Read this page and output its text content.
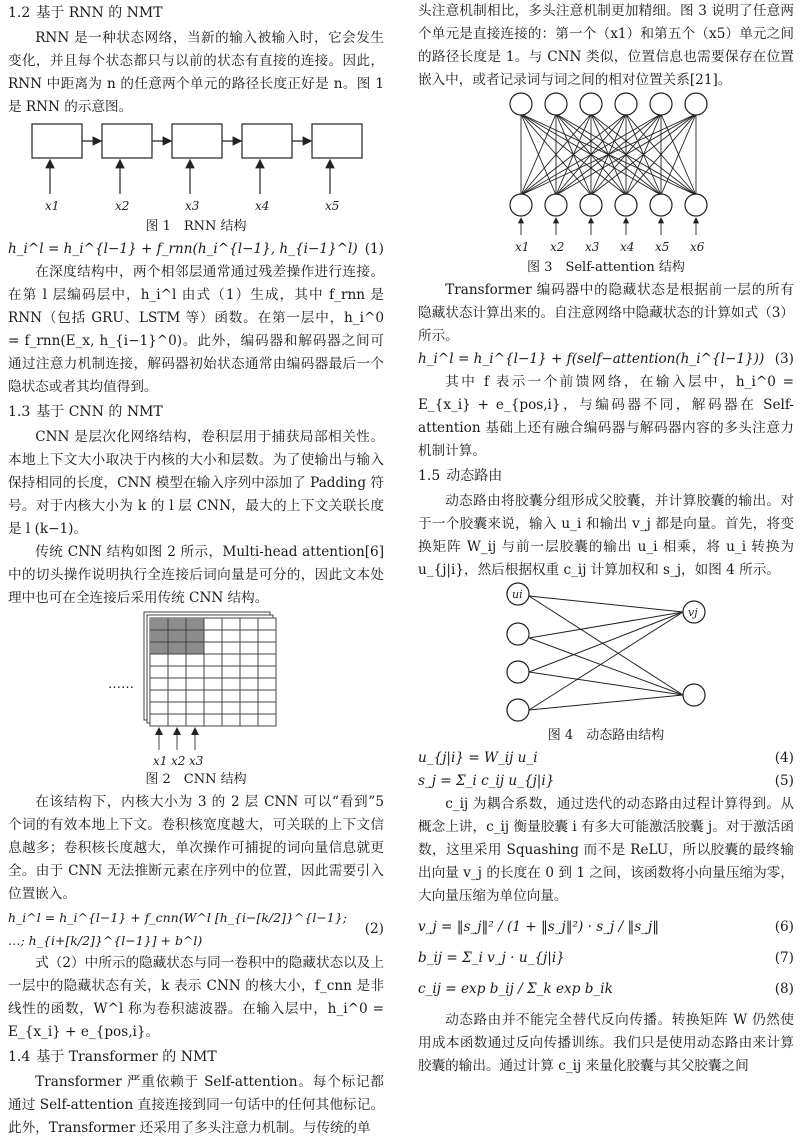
1.2 基于 RNN 的 NMT

RNN 是一种状态网络，当新的输入被输入时，它会发生变化，并且每个状态都只与以前的状态有直接的连接。因此，RNN 中距离为 n 的任意两个单元的路径长度正好是 n。图 1 是 RNN 的示意图。

x1	x2	x3	x4	x5

图 1　RNN 结构

h_i^l = h_i^{l−1} + f_rnn(h_i^{l−1}, h_{i−1}^l) (1)

在深度结构中，两个相邻层通常通过残差操作进行连接。在第 l 层编码层中，h_i^l 由式（1）生成，其中 f_rnn 是 RNN（包括 GRU、LSTM 等）函数。在第一层中，h_i^0 = f_rnn(E_x, h_{i−1}^0)。此外，编码器和解码器之间可通过注意力机制连接，解码器初始状态通常由编码器最后一个隐状态或者其均值得到。

1.3 基于 CNN 的 NMT

CNN 是层次化网络结构，卷积层用于捕获局部相关性。本地上下文大小取决于内核的大小和层数。为了使输出与输入保持相同的长度，CNN 模型在输入序列中添加了 Padding 符号。对于内核大小为 k 的 l 层 CNN，最大的上下文关联长度是 l (k−1)。

传统 CNN 结构如图 2 所示，Multi-head attention[6] 中的切头操作说明执行全连接后词向量是可分的，因此文本处理中也可在全连接后采用传统 CNN 结构。

……
x1 x2 x3

图 2　CNN 结构

在该结构下，内核大小为 3 的 2 层 CNN 可以“看到”5 个词的有效本地上下文。卷积核宽度越大，可关联的上下文信息越多；卷积核长度越大，单次操作可捕捉的词向量信息就更全。由于 CNN 无法推断元素在序列中的位置，因此需要引入位置嵌入。

h_i^l = h_i^{l−1} + f_cnn(W^l [h_{i−[k/2]}^{l−1}; …; h_{i+[k/2]}^{l−1}] + b^l)
(2)

式（2）中所示的隐藏状态与同一卷积中的隐藏状态以及上一层中的隐藏状态有关，k 表示 CNN 的核大小，f_cnn 是非线性的函数，W^l 称为卷积滤波器。在输入层中，h_i^0 = E_{x_i} + e_{pos,i}。

1.4 基于 Transformer 的 NMT

Transformer 严重依赖于 Self-attention。每个标记都通过 Self-attention 直接连接到同一句话中的任何其他标记。此外，Transformer 还采用了多头注意力机制。与传统的单

头注意机制相比，多头注意机制更加精细。图 3 说明了任意两个单元是直接连接的：第一个（x1）和第五个（x5）单元之间的路径长度是 1。与 CNN 类似，位置信息也需要保存在位置嵌入中，或者记录词与词之间的相对位置关系[21]。

x1 x2 x3 x4 x5 x6

图 3　Self-attention 结构

Transformer 编码器中的隐藏状态是根据前一层的所有隐藏状态计算出来的。自注意网络中隐藏状态的计算如式（3）所示。

h_i^l = h_i^{l−1} + f(self−attention(h_i^{l−1})) (3)

其中 f 表示一个前馈网络，在输入层中，h_i^0 = E_{x_i} + e_{pos,i}，与编码器不同，解码器在 Self-attention 基础上还有融合编码器与解码器内容的多头注意力机制计算。

1.5 动态路由

动态路由将胶囊分组形成父胶囊，并计算胶囊的输出。对于一个胶囊来说，输入 u_i 和输出 v_j 都是向量。首先，将变换矩阵 W_ij 与前一层胶囊的输出 u_i 相乘，将 u_i 转换为 u_{j|i}，然后根据权重 c_ij 计算加权和 s_j，如图 4 所示。

ui
vj

图 4　动态路由结构

u_{j|i} = W_ij u_i	(4)
s_j = Σ_i c_ij u_{j|i}	(5)

c_ij 为耦合系数，通过迭代的动态路由过程计算得到。从概念上讲，c_ij 衡量胶囊 i 有多大可能激活胶囊 j。对于激活函数，这里采用 Squashing 而不是 ReLU，所以胶囊的最终输出向量 v_j 的长度在 0 到 1 之间，该函数将小向量压缩为零，大向量压缩为单位向量。

v_j = ‖s_j‖² / (1 + ‖s_j‖²) · s_j / ‖s_j‖	(6)
b_ij = Σ_i v_j · u_{j|i}	(7)
c_ij = exp b_ij / Σ_k exp b_ik	(8)

动态路由并不能完全替代反向传播。转换矩阵 W 仍然使用成本函数通过反向传播训练。我们只是使用动态路由来计算胶囊的输出。通过计算 c_ij 来量化胶囊与其父胶囊之间
